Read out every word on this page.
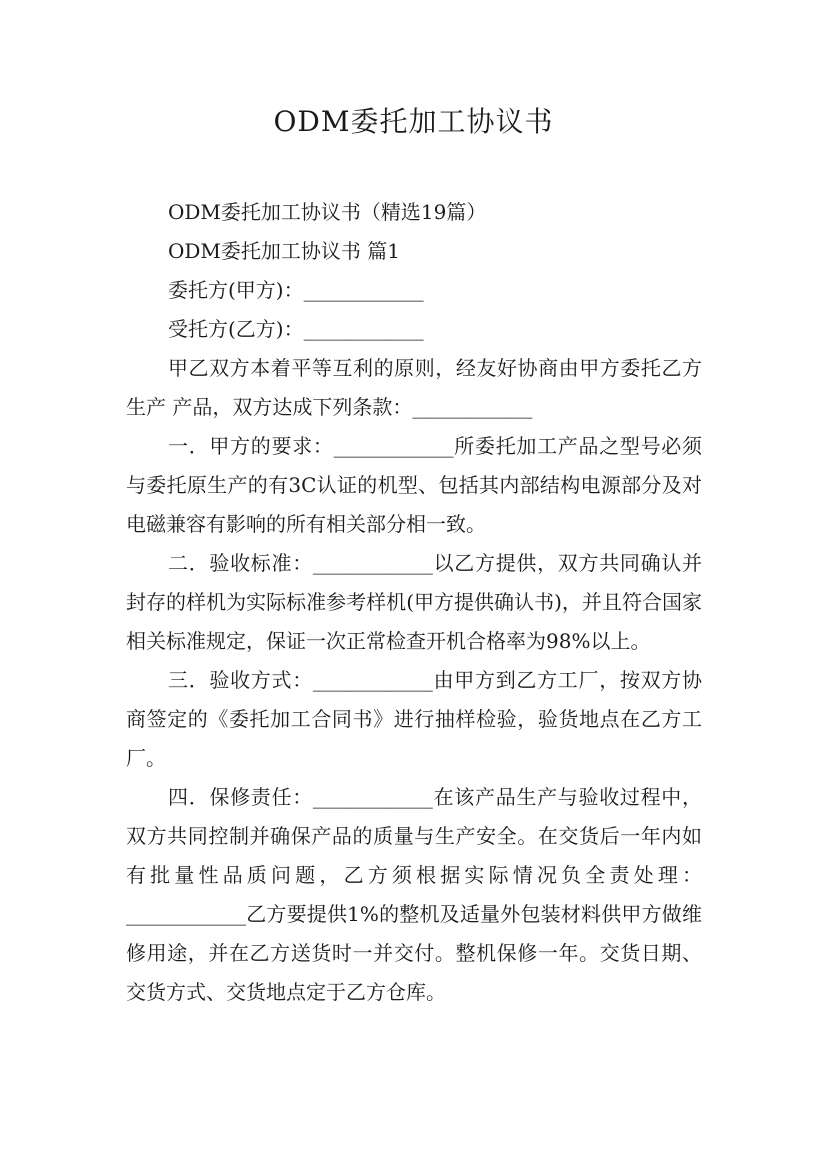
ODM委托加工协议书

ODM委托加工协议书（精选19篇）

ODM委托加工协议书 篇1

委托方(甲方)：____________

受托方(乙方)：____________

甲乙双方本着平等互利的原则，经友好协商由甲方委托乙方生产 产品，双方达成下列条款：____________

一．甲方的要求：____________所委托加工产品之型号必须与委托原生产的有3C认证的机型、包括其内部结构电源部分及对电磁兼容有影响的所有相关部分相一致。

二．验收标准：____________以乙方提供，双方共同确认并封存的样机为实际标准参考样机(甲方提供确认书)，并且符合国家相关标准规定，保证一次正常检查开机合格率为98%以上。

三．验收方式：____________由甲方到乙方工厂，按双方协商签定的《委托加工合同书》进行抽样检验，验货地点在乙方工厂。

四．保修责任：____________在该产品生产与验收过程中，双方共同控制并确保产品的质量与生产安全。在交货后一年内如有批量性品质问题，乙方须根据实际情况负全责处理：____________乙方要提供1%的整机及适量外包装材料供甲方做维修用途，并在乙方送货时一并交付。整机保修一年。交货日期、交货方式、交货地点定于乙方仓库。
